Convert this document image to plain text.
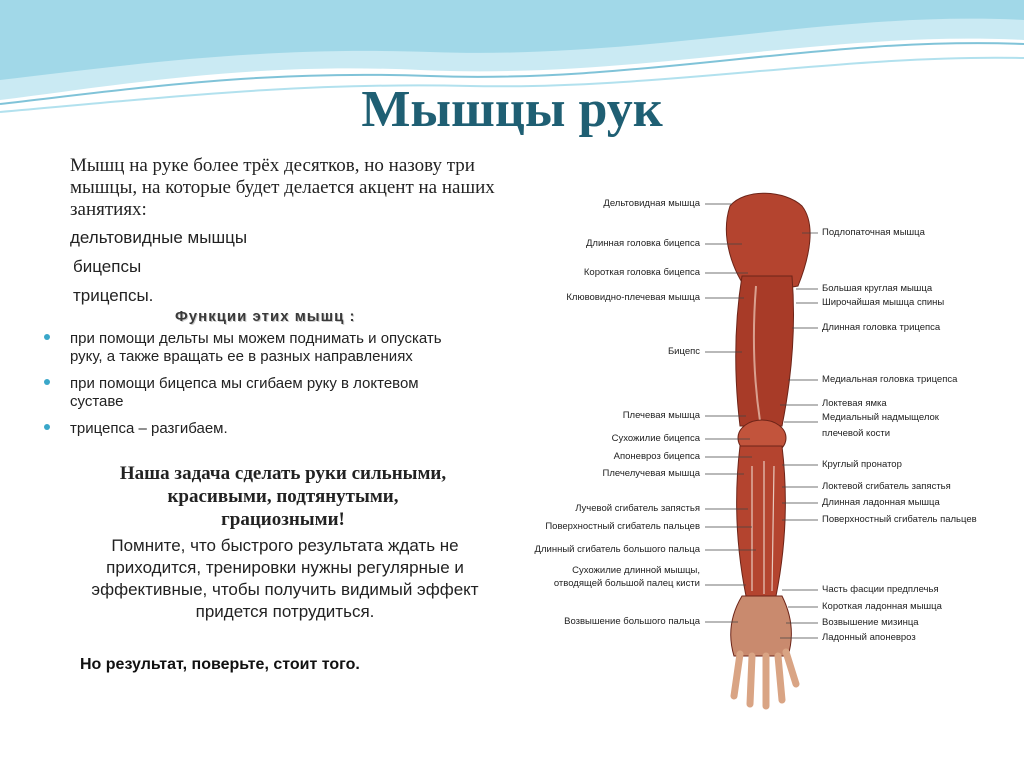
Мышцы рук

Мышц на руке более трёх десятков, но назову три мышцы, на которые будет делается акцент на наших занятиях:

дельтовидные мышцы
бицепсы
трицепсы.
Функции этих мышц :
при помощи дельты мы можем поднимать и опускать руку, а также вращать ее в разных направлениях
при помощи бицепса мы сгибаем руку в локтевом суставе
трицепса – разгибаем.

Наша задача сделать руки сильными, красивыми, подтянутыми, грациозными!

Помните, что быстрого результата ждать не приходится, тренировки нужны регулярные и эффективные, чтобы получить видимый эффект придется потрудиться.

Но результат, поверьте, стоит того.

Дельтовидная мышца
Длинная головка бицепса
Короткая головка бицепса
Клювовидно-плечевая мышца
Бицепс
Плечевая мышца
Сухожилие бицепса
Апоневроз бицепса
Плечелучевая мышца
Лучевой сгибатель запястья
Поверхностный сгибатель пальцев
Длинный сгибатель большого пальца
Сухожилие длинной мышцы,
отводящей большой палец кисти
Возвышение большого пальца
Подлопаточная мышца
Большая круглая мышца
Широчайшая мышца спины
Длинная головка трицепса
Медиальная головка трицепса
Локтевая ямка
Медиальный надмыщелок
плечевой кости
Круглый пронатор
Локтевой сгибатель запястья
Длинная ладонная мышца
Поверхностный сгибатель пальцев
Часть фасции предплечья
Короткая ладонная мышца
Возвышение мизинца
Ладонный апоневроз
